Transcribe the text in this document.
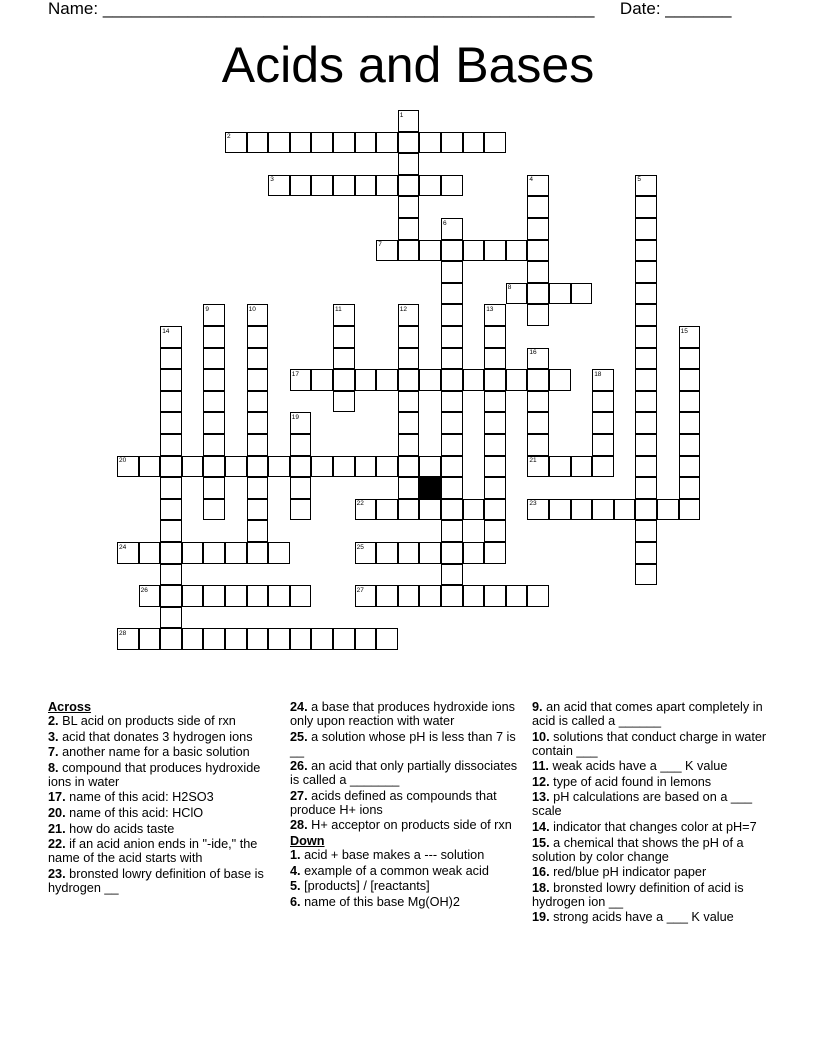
Name: ____________________________________________________ Date: _______
Acids and Bases
2
3
7
8
17
20	21
22	23
24	25
26	27
28
1
4	5
6
9	10	11	12	13
14	15
16
18
19
Across
2. BL acid on products side of rxn
3. acid that donates 3 hydrogen ions
7. another name for a basic solution
8. compound that produces hydroxide ions in water
17. name of this acid: H2SO3
20. name of this acid: HClO
21. how do acids taste
22. if an acid anion ends in "-ide," the name of the acid starts with
23. bronsted lowry definition of base is hydrogen __
24. a base that produces hydroxide ions only upon reaction with water
25. a solution whose pH is less than 7 is __
26. an acid that only partially dissociates is called a _______
27. acids defined as compounds that produce H+ ions
28. H+ acceptor on products side of rxn
Down
1. acid + base makes a --- solution
4. example of a common weak acid
5. [products] / [reactants]
6. name of this base Mg(OH)2
9. an acid that comes apart completely in acid is called a ______
10. solutions that conduct charge in water contain ___
11. weak acids have a ___ K value
12. type of acid found in lemons
13. pH calculations are based on a ___ scale
14. indicator that changes color at pH=7
15. a chemical that shows the pH of a solution by color change
16. red/blue pH indicator paper
18. bronsted lowry definition of acid is hydrogen ion __
19. strong acids have a ___ K value
